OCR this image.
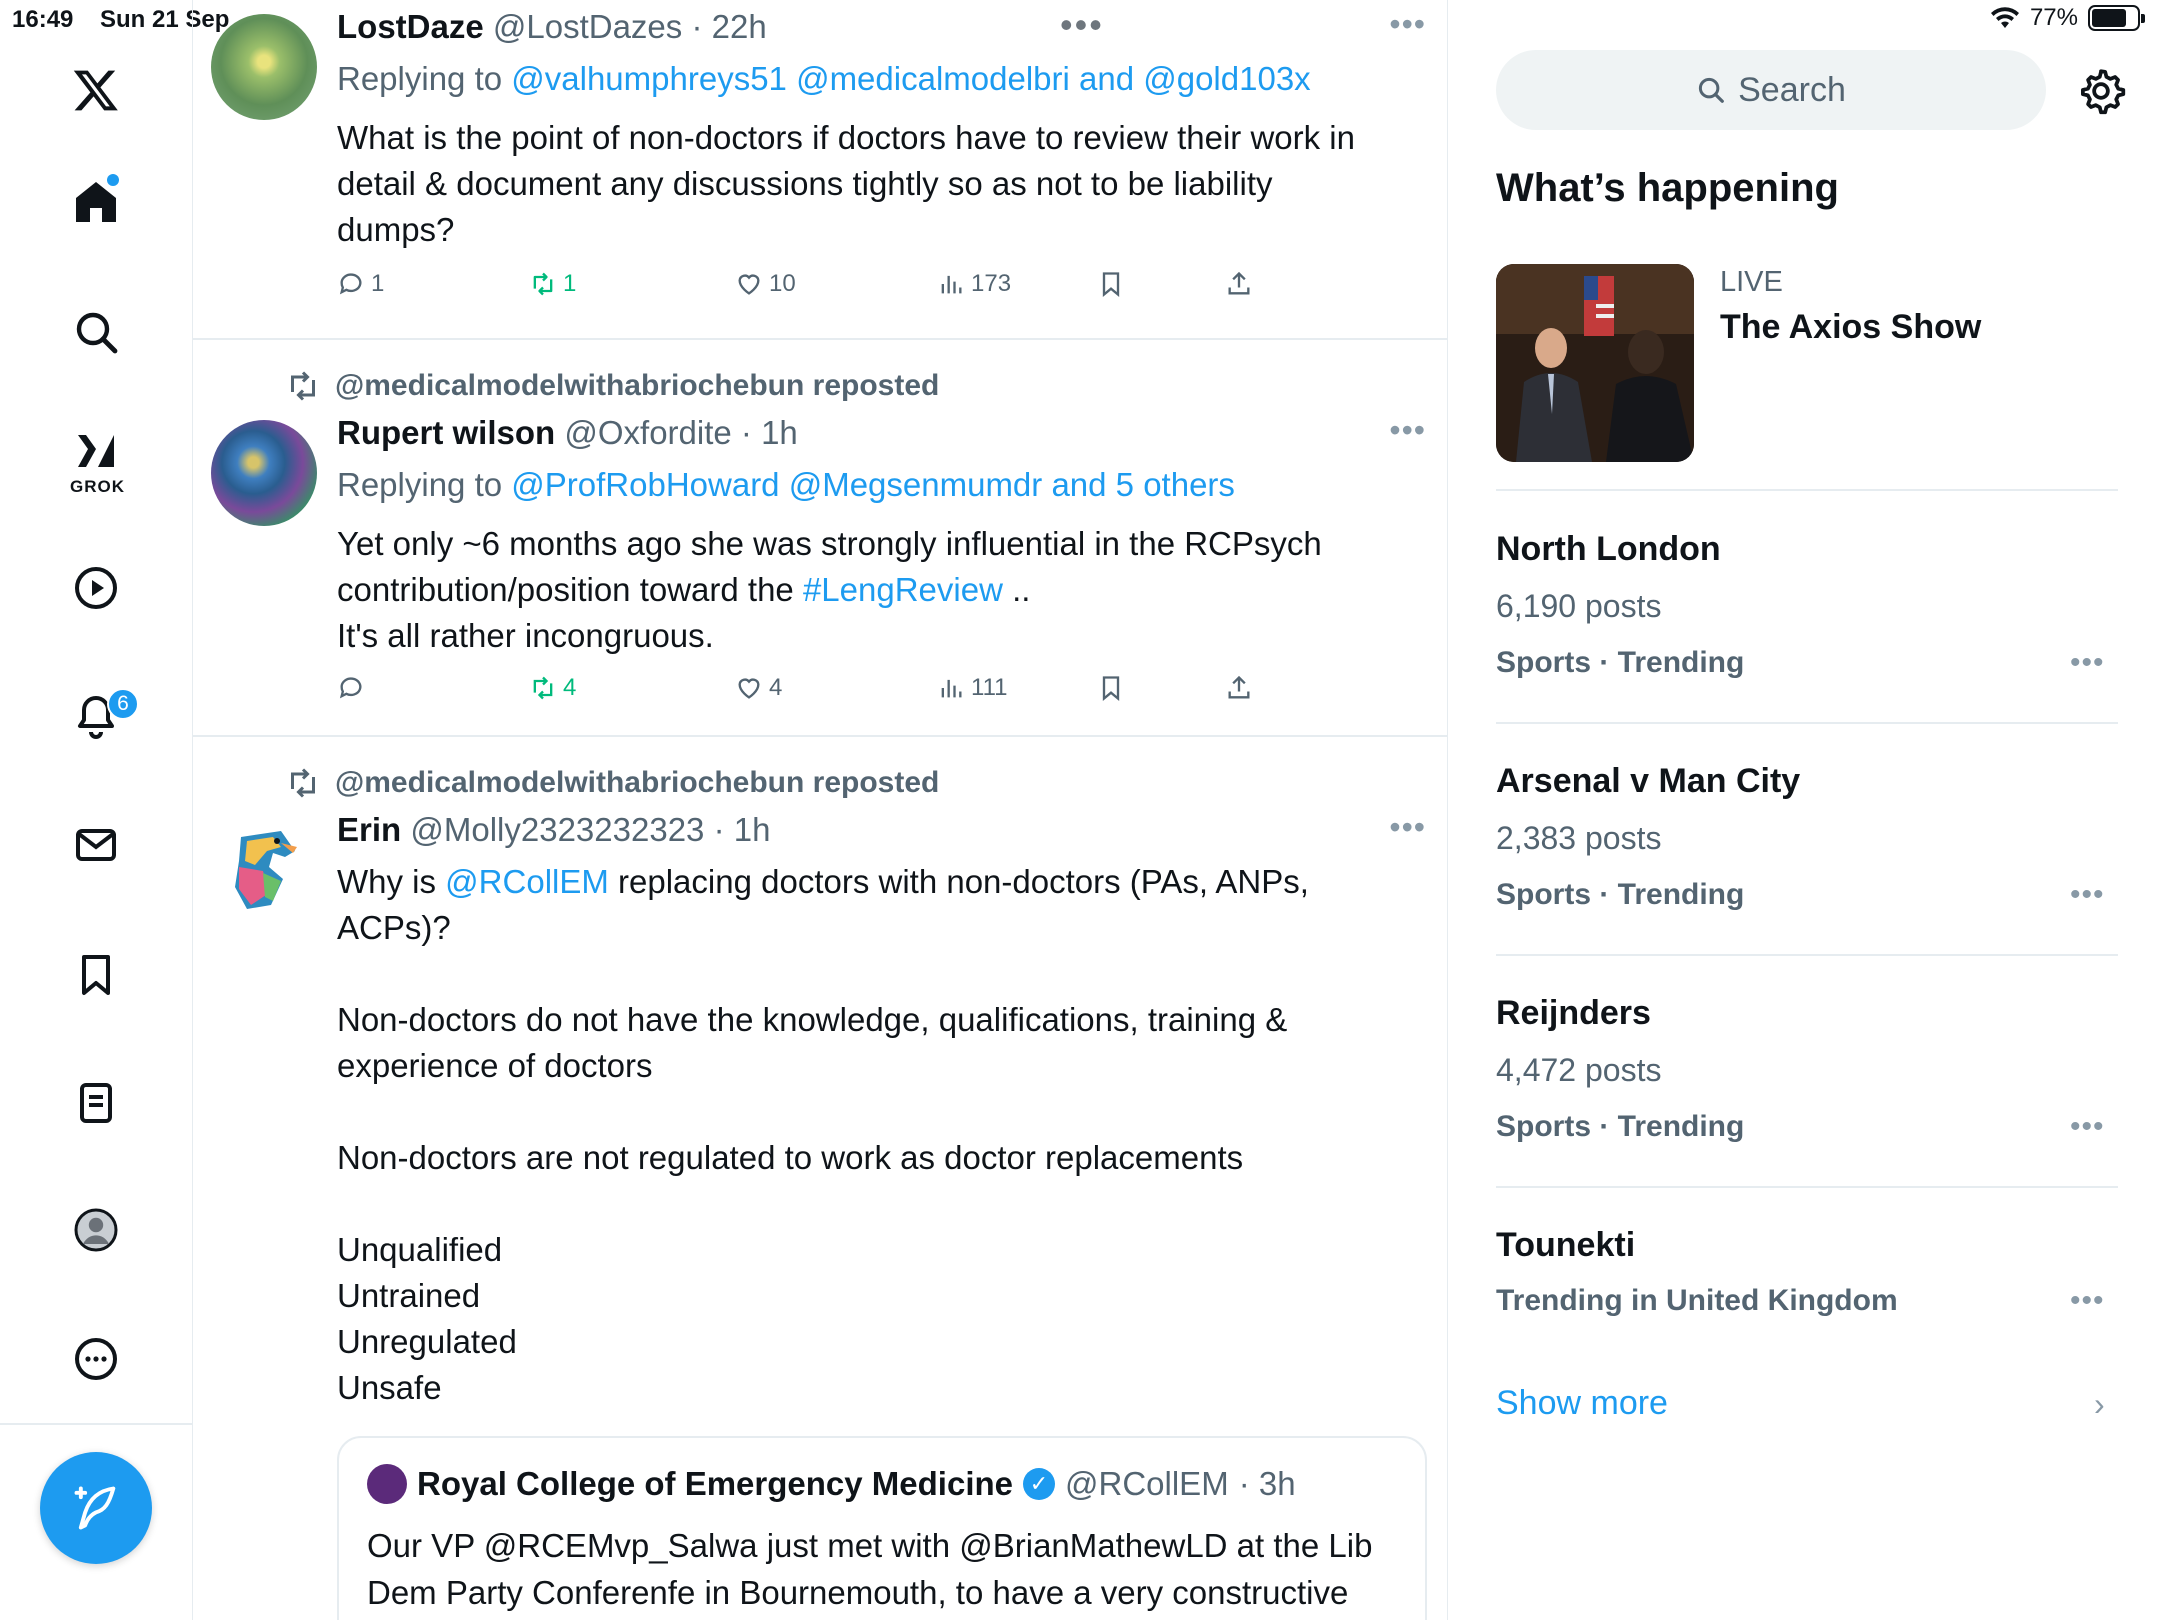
16:49 Sun 21 Sep	77%
GROK
6
LostDaze @LostDazes · 22h	•••
Replying to @valhumphreys51 @medicalmodelbri and @gold103x
What is the point of non-doctors if doctors have to review their work in detail & document any discussions tightly so as not to be liability dumps?
1	1	10	173
@medicalmodelwithabriochebun reposted
Rupert wilson @Oxfordite · 1h	•••
Replying to @ProfRobHoward @Megsenmumdr and 5 others

Yet only ~6 months ago she was strongly influential in the RCPsych

contribution/position toward the #LengReview ..

It's all rather incongruous.

4	4	111
@medicalmodelwithabriochebun reposted
Erin @Molly2323232323 · 1h	•••

Why is @RCollEM replacing doctors with non-doctors (PAs, ANPs,

ACPs)?

Non-doctors do not have the knowledge, qualifications, training & experience of doctors

Non-doctors are not regulated to work as doctor replacements

Unqualified

Untrained

Unregulated

Unsafe

Royal College of Emergency Medicine ✓ @RCollEM · 3h
Our VP @RCEMvp_Salwa just met with @BrianMathewLD at the Lib Dem Party Conferenfe in Bournemouth, to have a very constructive
•••
Search
What’s happening
LIVE
The Axios Show
North London
6,190 posts
Sports · Trending	•••
Arsenal v Man City
2,383 posts
Sports · Trending	•••
Reijnders
4,472 posts
Sports · Trending	•••
Tounekti
Trending in United Kingdom	•••
Show more	›
